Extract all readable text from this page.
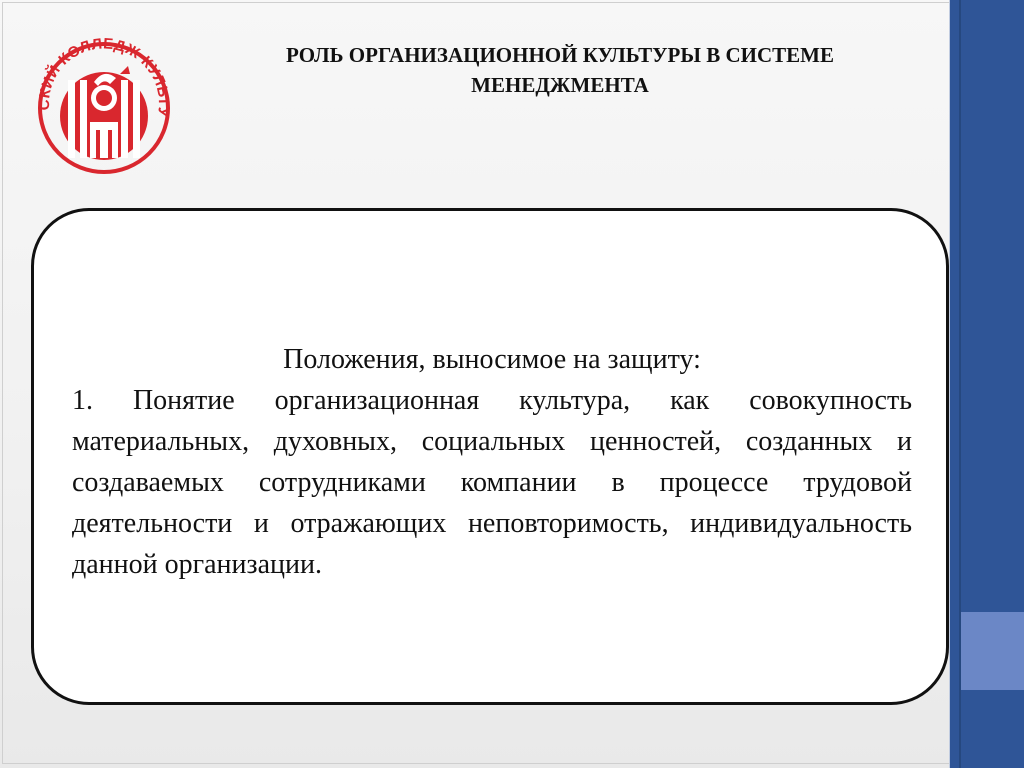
СКИЙ КОЛЛЕДЖ КУЛЬТУ
РОЛЬ ОРГАНИЗАЦИОННОЙ КУЛЬТУРЫ В СИСТЕМЕ
МЕНЕДЖМЕНТА
Положения, выносимое на защиту:
1. Понятие организационная культура, как совокупность материальных, духовных, социальных ценностей, созданных и создаваемых сотрудниками компании в процессе трудовой деятельности и отражающих неповторимость, индивидуальность данной организации.
